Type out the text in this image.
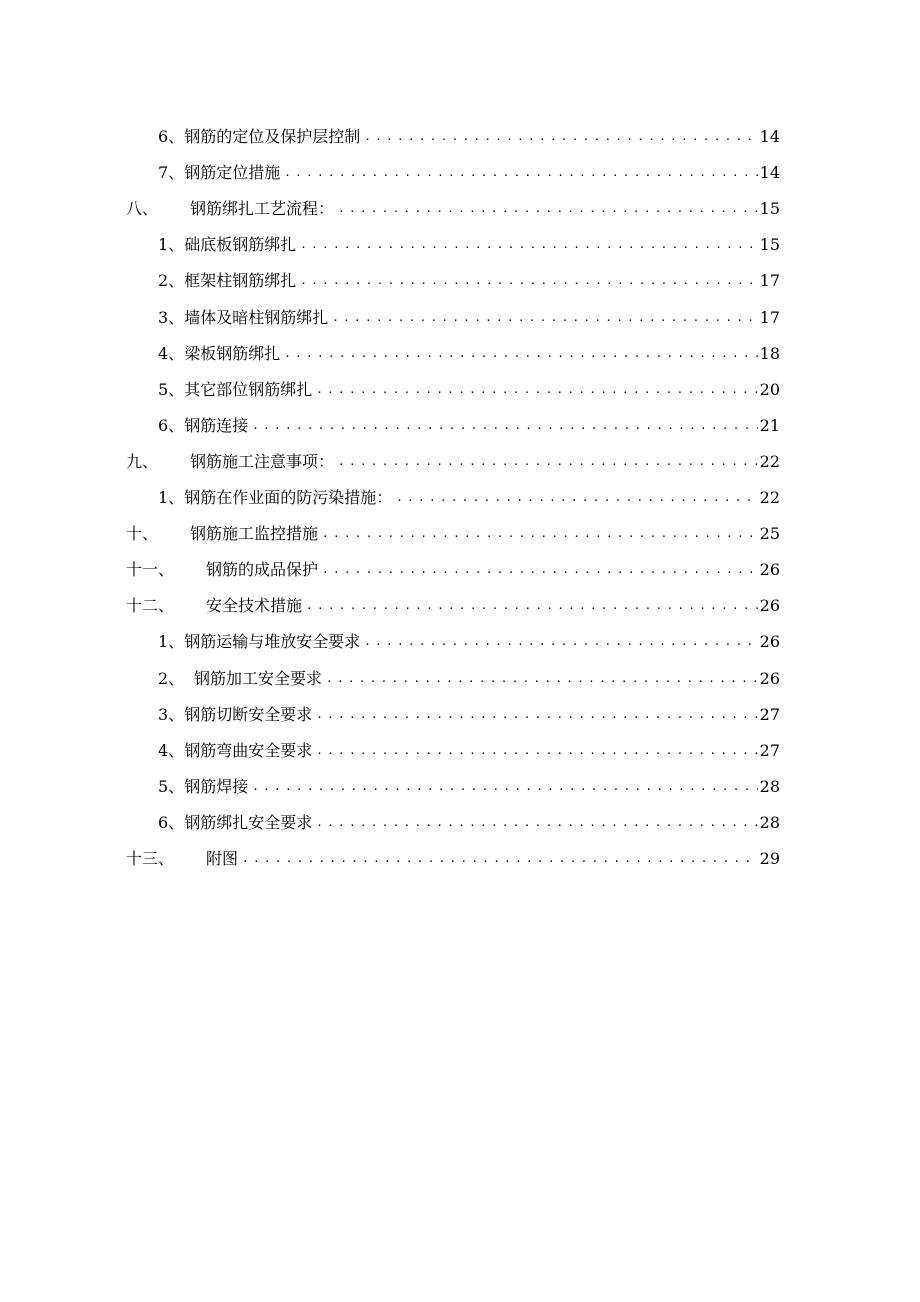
6、 钢筋的定位及保护层控制 .....	14
7、 钢筋定位措施 .....	14
八、	钢筋绑扎工艺流程： .....	15
1、 础底板钢筋绑扎 .....	15
2、 框架柱钢筋绑扎 .....	17
3、 墙体及暗柱钢筋绑扎 .....	17
4、 梁板钢筋绑扎 .....	18
5、 其它部位钢筋绑扎 .....	20
6、 钢筋连接 .....	21
九、	钢筋施工注意事项： .....	22
1、 钢筋在作业面的防污染措施： .....	22
十、	钢筋施工监控措施 .....	25
十一、	钢筋的成品保护 .....	26
十二、	安全技术措施 .....	26
1、 钢筋运输与堆放安全要求 .....	26
2、 钢筋加工安全要求 .....	26
3、 钢筋切断安全要求 .....	27
4、 钢筋弯曲安全要求 .....	27
5、 钢筋焊接 .....	28
6、 钢筋绑扎安全要求 .....	28
十三、	附图 .....	29
